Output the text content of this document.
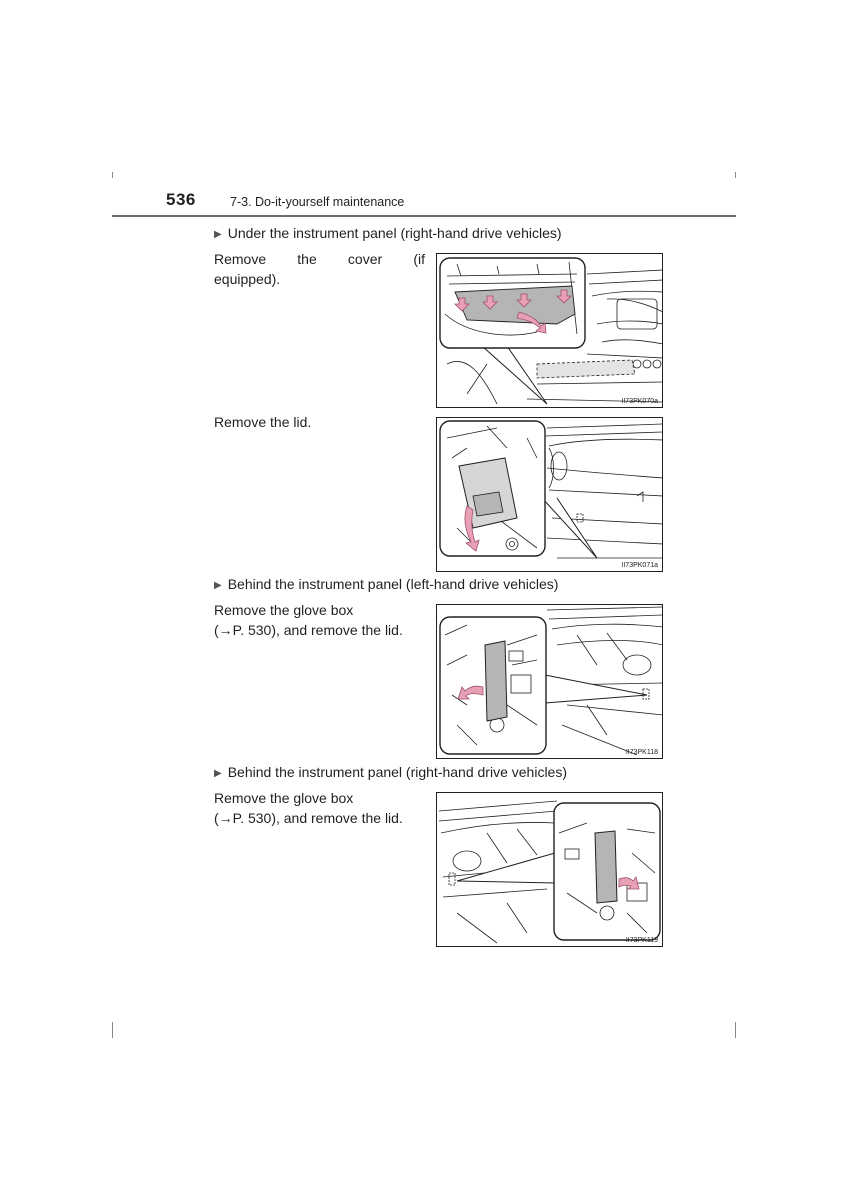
536	7-3. Do-it-yourself maintenance
▶ Under the instrument panel (right-hand drive vehicles)
Remove the cover (if
equipped).
II73PK070a
Remove the lid.
II73PK071a
▶ Behind the instrument panel (left-hand drive vehicles)
Remove the glove box
(→P. 530), and remove the lid.
II73PK118
▶ Behind the instrument panel (right-hand drive vehicles)
Remove the glove box
(→P. 530), and remove the lid.
II73PK119
